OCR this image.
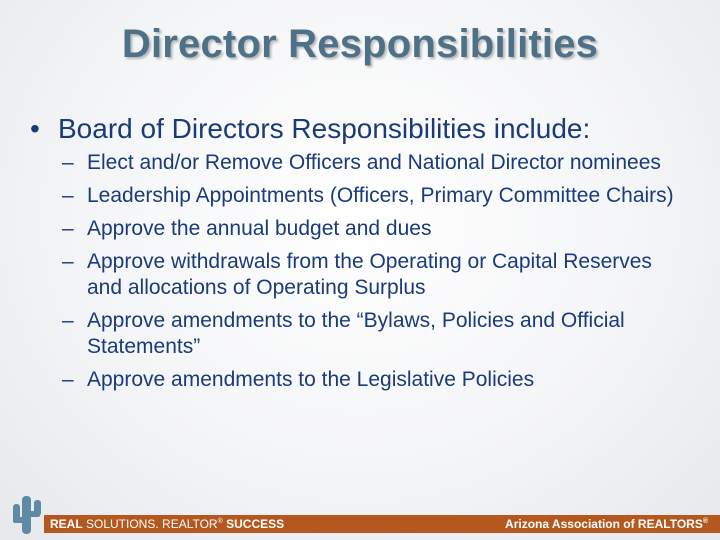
Director Responsibilities
• Board of Directors Responsibilities include:
– Elect and/or Remove Officers and National Director nominees
– Leadership Appointments (Officers, Primary Committee Chairs)
– Approve the annual budget and dues
– Approve withdrawals from the Operating or Capital Reserves and allocations of Operating Surplus
– Approve amendments to the “Bylaws, Policies and Official Statements”
– Approve amendments to the Legislative Policies
REAL SOLUTIONS. REALTOR® SUCCESS	Arizona Association of REALTORS®
